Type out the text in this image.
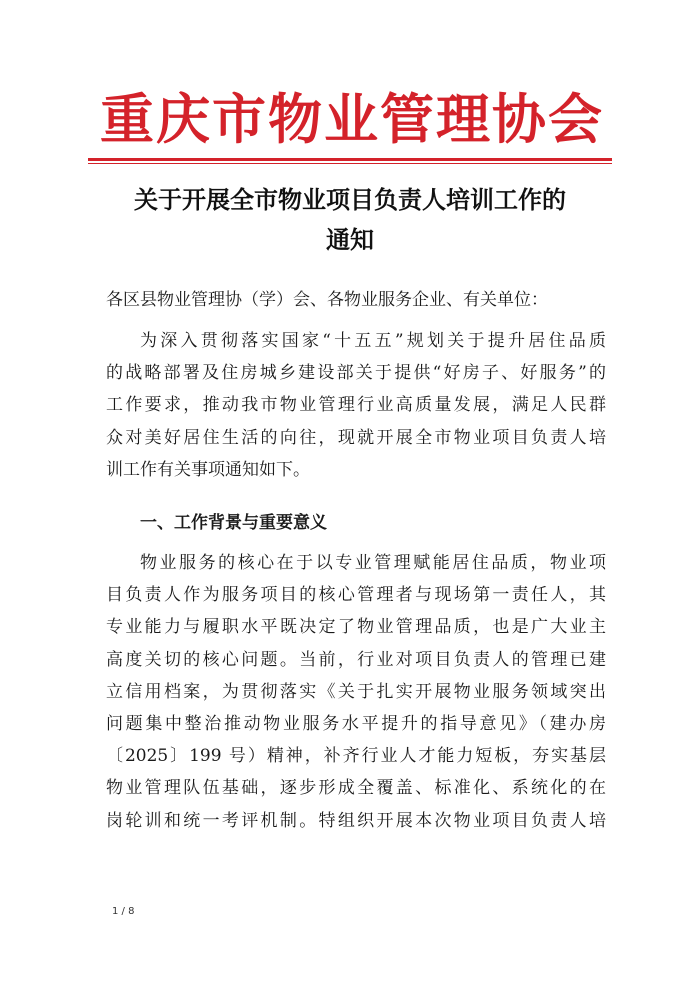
重庆市物业管理协会
关于开展全市物业项目负责人培训工作的
通知
各区县物业管理协（学）会、各物业服务企业、有关单位：
为深入贯彻落实国家“十五五”规划关于提升居住品质
的战略部署及住房城乡建设部关于提供“好房子、好服务”的
工作要求，推动我市物业管理行业高质量发展，满足人民群
众对美好居住生活的向往，现就开展全市物业项目负责人培
训工作有关事项通知如下。
一、工作背景与重要意义
物业服务的核心在于以专业管理赋能居住品质，物业项
目负责人作为服务项目的核心管理者与现场第一责任人，其
专业能力与履职水平既决定了物业管理品质，也是广大业主
高度关切的核心问题。当前，行业对项目负责人的管理已建
立信用档案，为贯彻落实《关于扎实开展物业服务领域突出
问题集中整治推动物业服务水平提升的指导意见》（建办房
〔2025〕199 号）精神，补齐行业人才能力短板，夯实基层
物业管理队伍基础，逐步形成全覆盖、标准化、系统化的在
岗轮训和统一考评机制。特组织开展本次物业项目负责人培
1 / 8
